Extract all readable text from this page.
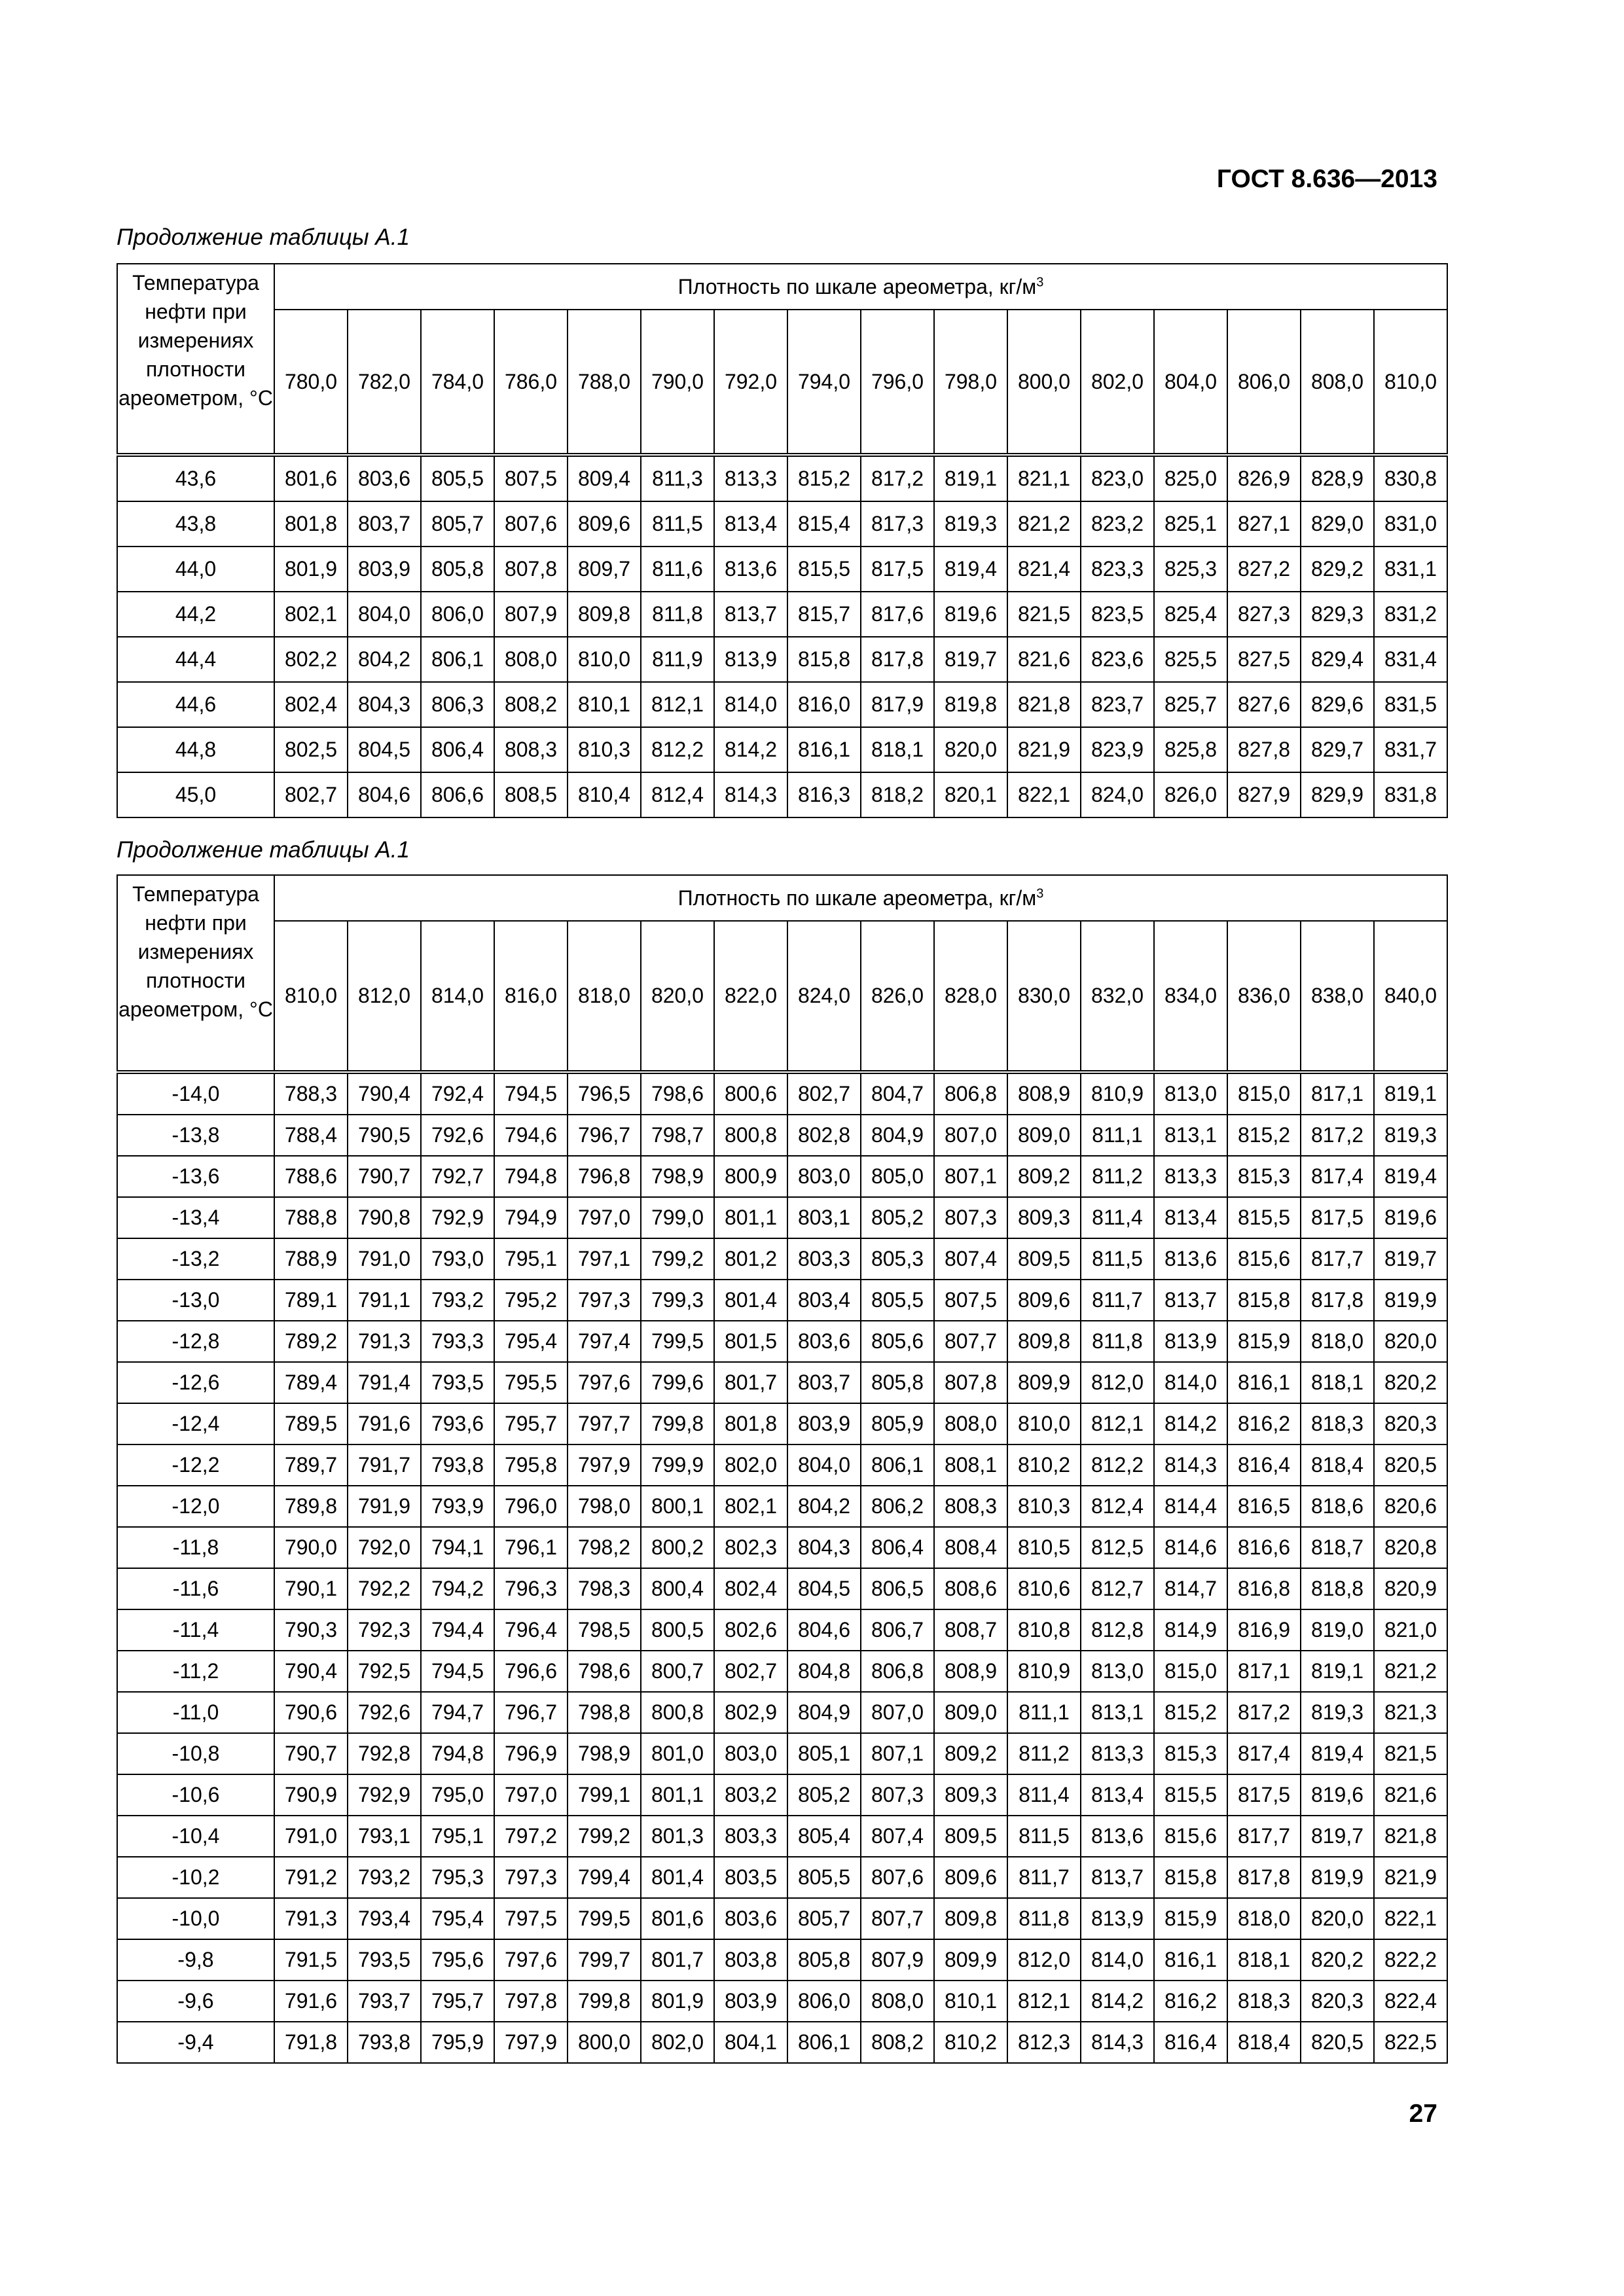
ГОСТ 8.636—2013
Продолжение таблицы А.1
Температура нефти при измерениях плотности ареометром, °С	Плотность по шкале ареометра, $кг/м^3$
	780,0	782,0	784,0	786,0	788,0	790,0	792,0	794,0	796,0	798,0	800,0	802,0	804,0	806,0	808,0	810,0
43,6	801,6	803,6	805,5	807,5	809,4	811,3	813,3	815,2	817,2	819,1	821,1	823,0	825,0	826,9	828,9	830,8
43,8	801,8	803,7	805,7	807,6	809,6	811,5	813,4	815,4	817,3	819,3	821,2	823,2	825,1	827,1	829,0	831,0
44,0	801,9	803,9	805,8	807,8	809,7	811,6	813,6	815,5	817,5	819,4	821,4	823,3	825,3	827,2	829,2	831,1
44,2	802,1	804,0	806,0	807,9	809,8	811,8	813,7	815,7	817,6	819,6	821,5	823,5	825,4	827,3	829,3	831,2
44,4	802,2	804,2	806,1	808,0	810,0	811,9	813,9	815,8	817,8	819,7	821,6	823,6	825,5	827,5	829,4	831,4
44,6	802,4	804,3	806,3	808,2	810,1	812,1	814,0	816,0	817,9	819,8	821,8	823,7	825,7	827,6	829,6	831,5
44,8	802,5	804,5	806,4	808,3	810,3	812,2	814,2	816,1	818,1	820,0	821,9	823,9	825,8	827,8	829,7	831,7
45,0	802,7	804,6	806,6	808,5	810,4	812,4	814,3	816,3	818,2	820,1	822,1	824,0	826,0	827,9	829,9	831,8
Продолжение таблицы А.1
Температура нефти при измерениях плотности ареометром, °С	Плотность по шкале ареометра, $кг/м^3$
	810,0	812,0	814,0	816,0	818,0	820,0	822,0	824,0	826,0	828,0	830,0	832,0	834,0	836,0	838,0	840,0
-14,0	788,3	790,4	792,4	794,5	796,5	798,6	800,6	802,7	804,7	806,8	808,9	810,9	813,0	815,0	817,1	819,1
-13,8	788,4	790,5	792,6	794,6	796,7	798,7	800,8	802,8	804,9	807,0	809,0	811,1	813,1	815,2	817,2	819,3
-13,6	788,6	790,7	792,7	794,8	796,8	798,9	800,9	803,0	805,0	807,1	809,2	811,2	813,3	815,3	817,4	819,4
-13,4	788,8	790,8	792,9	794,9	797,0	799,0	801,1	803,1	805,2	807,3	809,3	811,4	813,4	815,5	817,5	819,6
-13,2	788,9	791,0	793,0	795,1	797,1	799,2	801,2	803,3	805,3	807,4	809,5	811,5	813,6	815,6	817,7	819,7
-13,0	789,1	791,1	793,2	795,2	797,3	799,3	801,4	803,4	805,5	807,5	809,6	811,7	813,7	815,8	817,8	819,9
-12,8	789,2	791,3	793,3	795,4	797,4	799,5	801,5	803,6	805,6	807,7	809,8	811,8	813,9	815,9	818,0	820,0
-12,6	789,4	791,4	793,5	795,5	797,6	799,6	801,7	803,7	805,8	807,8	809,9	812,0	814,0	816,1	818,1	820,2
-12,4	789,5	791,6	793,6	795,7	797,7	799,8	801,8	803,9	805,9	808,0	810,0	812,1	814,2	816,2	818,3	820,3
-12,2	789,7	791,7	793,8	795,8	797,9	799,9	802,0	804,0	806,1	808,1	810,2	812,2	814,3	816,4	818,4	820,5
-12,0	789,8	791,9	793,9	796,0	798,0	800,1	802,1	804,2	806,2	808,3	810,3	812,4	814,4	816,5	818,6	820,6
-11,8	790,0	792,0	794,1	796,1	798,2	800,2	802,3	804,3	806,4	808,4	810,5	812,5	814,6	816,6	818,7	820,8
-11,6	790,1	792,2	794,2	796,3	798,3	800,4	802,4	804,5	806,5	808,6	810,6	812,7	814,7	816,8	818,8	820,9
-11,4	790,3	792,3	794,4	796,4	798,5	800,5	802,6	804,6	806,7	808,7	810,8	812,8	814,9	816,9	819,0	821,0
-11,2	790,4	792,5	794,5	796,6	798,6	800,7	802,7	804,8	806,8	808,9	810,9	813,0	815,0	817,1	819,1	821,2
-11,0	790,6	792,6	794,7	796,7	798,8	800,8	802,9	804,9	807,0	809,0	811,1	813,1	815,2	817,2	819,3	821,3
-10,8	790,7	792,8	794,8	796,9	798,9	801,0	803,0	805,1	807,1	809,2	811,2	813,3	815,3	817,4	819,4	821,5
-10,6	790,9	792,9	795,0	797,0	799,1	801,1	803,2	805,2	807,3	809,3	811,4	813,4	815,5	817,5	819,6	821,6
-10,4	791,0	793,1	795,1	797,2	799,2	801,3	803,3	805,4	807,4	809,5	811,5	813,6	815,6	817,7	819,7	821,8
-10,2	791,2	793,2	795,3	797,3	799,4	801,4	803,5	805,5	807,6	809,6	811,7	813,7	815,8	817,8	819,9	821,9
-10,0	791,3	793,4	795,4	797,5	799,5	801,6	803,6	805,7	807,7	809,8	811,8	813,9	815,9	818,0	820,0	822,1
-9,8	791,5	793,5	795,6	797,6	799,7	801,7	803,8	805,8	807,9	809,9	812,0	814,0	816,1	818,1	820,2	822,2
-9,6	791,6	793,7	795,7	797,8	799,8	801,9	803,9	806,0	808,0	810,1	812,1	814,2	816,2	818,3	820,3	822,4
-9,4	791,8	793,8	795,9	797,9	800,0	802,0	804,1	806,1	808,2	810,2	812,3	814,3	816,4	818,4	820,5	822,5
27
